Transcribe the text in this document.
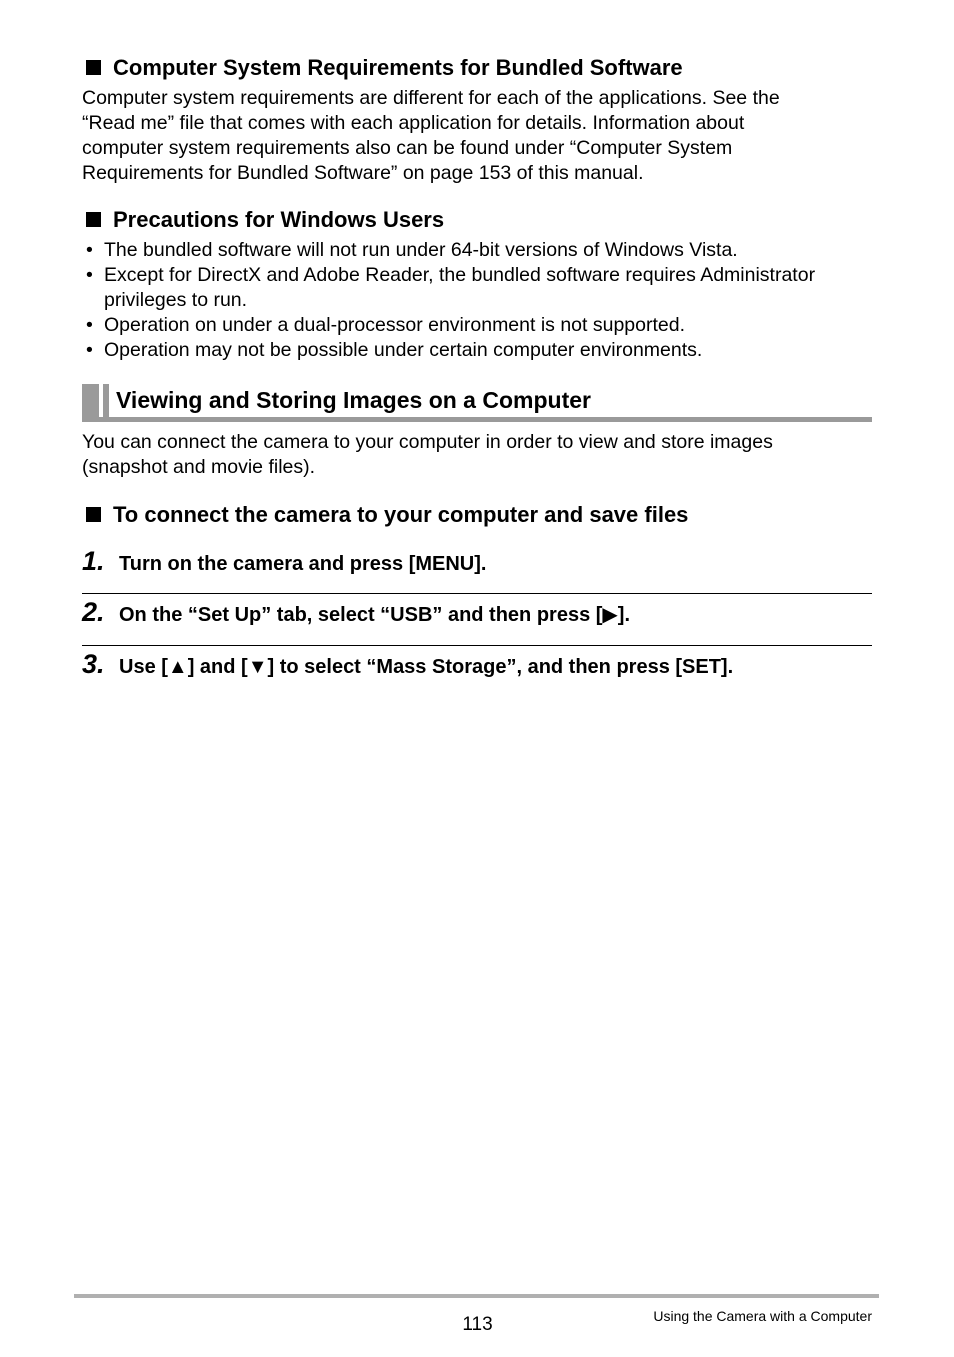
Computer System Requirements for Bundled Software

Computer system requirements are different for each of the applications. See the

“Read me” file that comes with each application for details. Information about

computer system requirements also can be found under “Computer System

Requirements for Bundled Software” on page 153 of this manual.

Precautions for Windows Users
• The bundled software will not run under 64-bit versions of Windows Vista.
• Except for DirectX and Adobe Reader, the bundled software requires Administrator privileges to run.
• Operation on under a dual-processor environment is not supported.
• Operation may not be possible under certain computer environments.
Viewing and Storing Images on a Computer

You can connect the camera to your computer in order to view and store images

(snapshot and movie files).

To connect the camera to your computer and save files
1. Turn on the camera and press [MENU].
2. On the “Set Up” tab, select “USB” and then press [▶].
3. Use [▲] and [▼] to select “Mass Storage”, and then press [SET].
113	Using the Camera with a Computer
